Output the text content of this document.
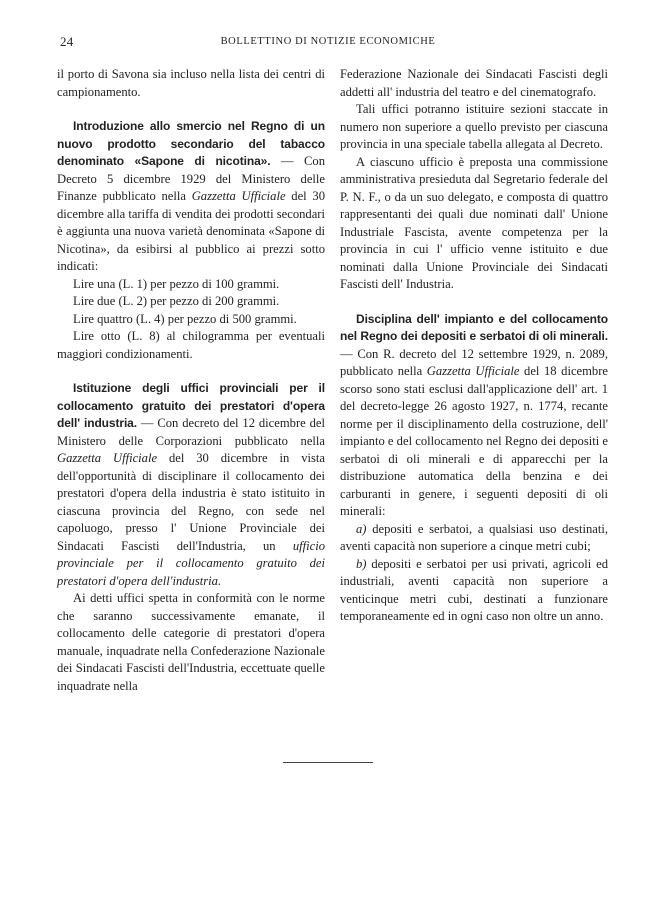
24	BOLLETTINO DI NOTIZIE ECONOMICHE

il porto di Savona sia incluso nella lista dei centri di campionamento.

Introduzione allo smercio nel Regno di un nuovo prodotto secondario del tabacco denominato «Sapone di nicotina». — Con Decreto 5 dicembre 1929 del Ministero delle Finanze pubblicato nella Gazzetta Ufficiale del 30 dicembre alla tariffa di vendita dei prodotti secondari è aggiunta una nuova varietà denominata «Sapone di Nicotina», da esibirsi al pubblico ai prezzi sotto indicati:

Lire una (L. 1) per pezzo di 100 grammi.

Lire due (L. 2) per pezzo di 200 grammi.

Lire quattro (L. 4) per pezzo di 500 grammi.

Lire otto (L. 8) al chilogramma per eventuali maggiori condizionamenti.

Istituzione degli uffici provinciali per il collocamento gratuito dei prestatori d'opera dell' industria. — Con decreto del 12 dicembre del Ministero delle Corporazioni pubblicato nella Gazzetta Ufficiale del 30 dicembre in vista dell'opportunità di disciplinare il collocamento dei prestatori d'opera della industria è stato istituito in ciascuna provincia del Regno, con sede nel capoluogo, presso l' Unione Provinciale dei Sindacati Fascisti dell'Industria, un ufficio provinciale per il collocamento gratuito dei prestatori d'opera dell'industria.

Ai detti uffici spetta in conformità con le norme che saranno successivamente emanate, il collocamento delle categorie di prestatori d'opera manuale, inquadrate nella Confederazione Nazionale dei Sindacati Fascisti dell'Industria, eccettuate quelle inquadrate nella

Federazione Nazionale dei Sindacati Fascisti degli addetti all' industria del teatro e del cinematografo.

Tali uffici potranno istituire sezioni staccate in numero non superiore a quello previsto per ciascuna provincia in una speciale tabella allegata al Decreto.

A ciascuno ufficio è preposta una commissione amministrativa presieduta dal Segretario federale del P. N. F., o da un suo delegato, e composta di quattro rappresentanti dei quali due nominati dall' Unione Industriale Fascista, avente competenza per la provincia in cui l' ufficio venne istituito e due nominati dalla Unione Provinciale dei Sindacati Fascisti dell' Industria.

Disciplina dell' impianto e del collocamento nel Regno dei depositi e serbatoi di oli minerali. — Con R. decreto del 12 settembre 1929, n. 2089, pubblicato nella Gazzetta Ufficiale del 18 dicembre scorso sono stati esclusi dall'applicazione dell' art. 1 del decreto-legge 26 agosto 1927, n. 1774, recante norme per il disciplinamento della costruzione, dell' impianto e del collocamento nel Regno dei depositi e serbatoi di oli minerali e di apparecchi per la distribuzione automatica della benzina e dei carburanti in genere, i seguenti depositi di oli minerali:

a) depositi e serbatoi, a qualsiasi uso destinati, aventi capacità non superiore a cinque metri cubi;

b) depositi e serbatoi per usi privati, agricoli ed industriali, aventi capacità non superiore a venticinque metri cubi, destinati a funzionare temporaneamente ed in ogni caso non oltre un anno.
